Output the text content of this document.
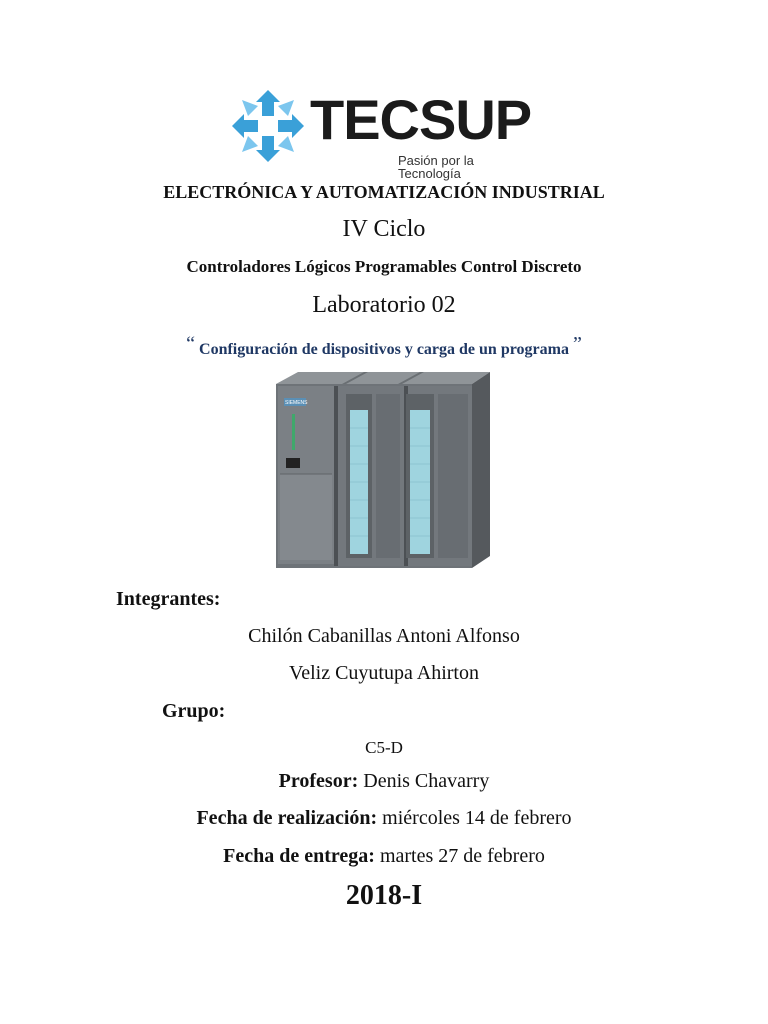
TECSUP
Pasión por la Tecnología
ELECTRÓNICA Y AUTOMATIZACIÓN INDUSTRIAL
IV Ciclo
Controladores Lógicos Programables Control Discreto
Laboratorio 02
“ Configuración de dispositivos y carga de un programa ”
SIEMENS
Integrantes:
Chilón Cabanillas Antoni Alfonso
Veliz Cuyutupa Ahirton
Grupo:
C5-D
Profesor: Denis Chavarry
Fecha de realización: miércoles 14 de febrero
Fecha de entrega: martes 27 de febrero
2018-I
